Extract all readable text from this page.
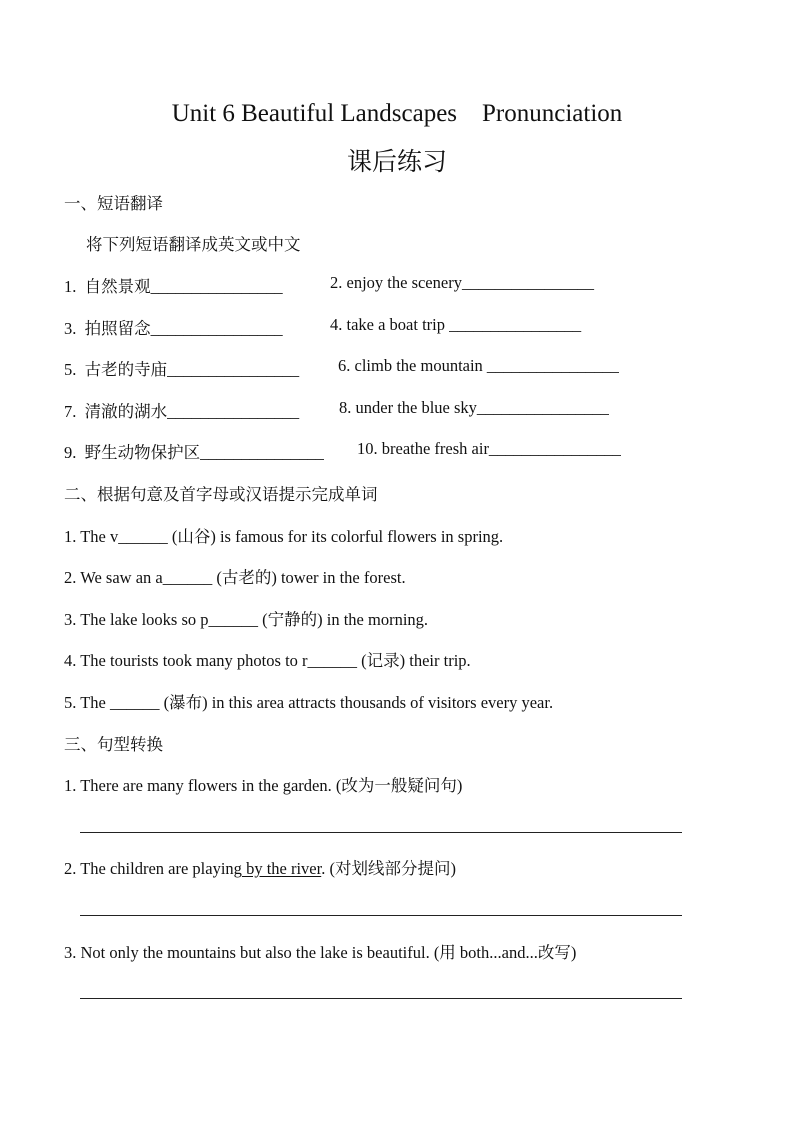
Unit 6 Beautiful Landscapes    Pronunciation
课后练习
一、短语翻译
将下列短语翻译成英文或中文
1.  自然景观________________	2. enjoy the scenery________________
3.  拍照留念________________	4. take a boat trip ________________
5.  古老的寺庙________________ 6. climb the mountain ________________
7.  清澈的湖水________________ 8. under the blue sky________________
9.  野生动物保护区_______________ 10. breathe fresh air________________
二、根据句意及首字母或汉语提示完成单词
1. The v______ (山谷) is famous for its colorful flowers in spring.
2. We saw an a______ (古老的) tower in the forest.
3. The lake looks so p______ (宁静的) in the morning.
4. The tourists took many photos to r______ (记录) their trip.
5. The ______ (瀑布) in this area attracts thousands of visitors every year.
三、句型转换
1. There are many flowers in the garden. (改为一般疑问句)
2. The children are playing by the river. (对划线部分提问)
3. Not only the mountains but also the lake is beautiful. (用 both...and...改写)
